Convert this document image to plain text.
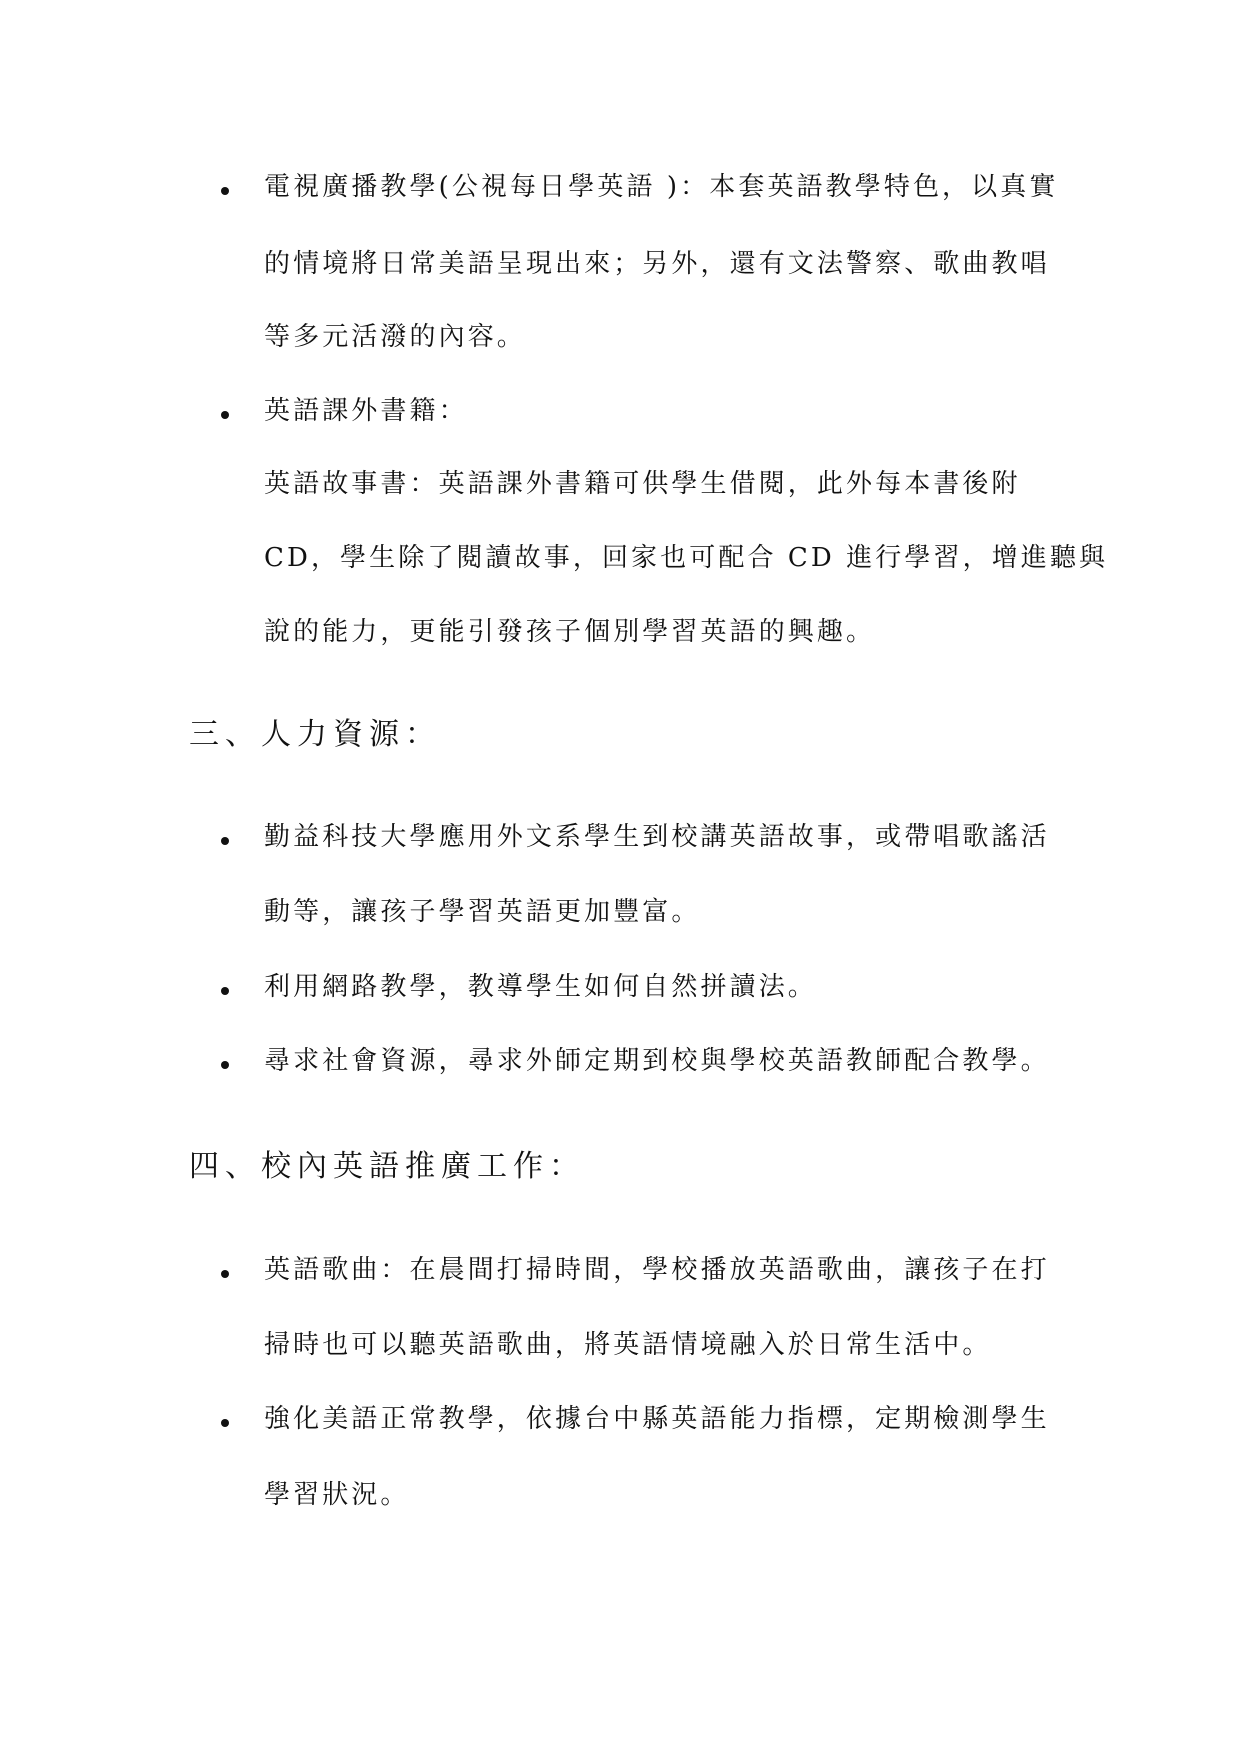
電視廣播教學(公視每日學英語 )：本套英語教學特色，以真實
的情境將日常美語呈現出來；另外，還有文法警察、歌曲教唱
等多元活潑的內容。
英語課外書籍：
英語故事書：英語課外書籍可供學生借閱，此外每本書後附
CD，學生除了閱讀故事，回家也可配合 CD 進行學習，增進聽與
說的能力，更能引發孩子個別學習英語的興趣。
三、人力資源：
勤益科技大學應用外文系學生到校講英語故事，或帶唱歌謠活
動等，讓孩子學習英語更加豐富。
利用網路教學，教導學生如何自然拼讀法。
尋求社會資源，尋求外師定期到校與學校英語教師配合教學。
四、校內英語推廣工作：
英語歌曲：在晨間打掃時間，學校播放英語歌曲，讓孩子在打
掃時也可以聽英語歌曲，將英語情境融入於日常生活中。
強化美語正常教學，依據台中縣英語能力指標，定期檢測學生
學習狀況。
